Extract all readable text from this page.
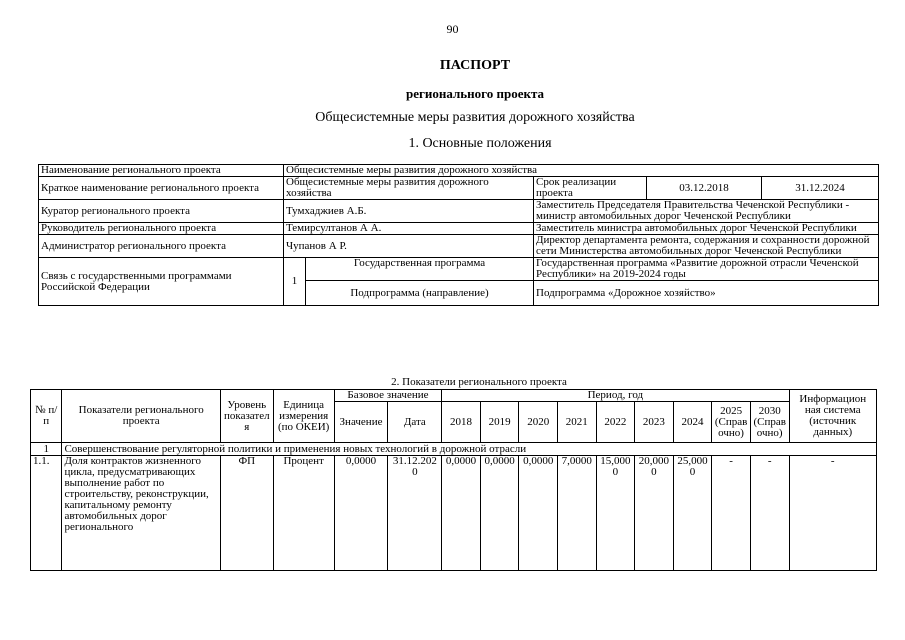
90
ПАСПОРТ
регионального проекта
Общесистемные меры развития дорожного хозяйства
1. Основные положения
Наименование регионального проекта	Общесистемные меры развития дорожного хозяйства				
Краткое наименование регионального проекта	Общесистемные меры развития дорожного хозяйства		Срок реализации проекта	03.12.2018	31.12.2024
Куратор регионального проекта	Тумхаджиев А.Б.		Заместитель Председателя Правительства Чеченской Республики - министр автомобильных дорог Чеченской Республики		
Руководитель регионального проекта	Темирсултанов А А.		Заместитель министра автомобильных дорог Чеченской Республики		
Администратор регионального проекта	Чупанов А Р.		Директор департамента ремонта, содержания и сохранности дорожной сети Министерства автомобильных дорог Чеченской Республики		
Связь с государственными программами Российской Федерации	1	Государственная программа	Государственная программа «Развитие дорожной отрасли Чеченской Республики» на 2019-2024 годы		
		Подпрограмма (направление)	Подпрограмма «Дорожное хозяйство»		
2. Показатели регионального проекта
№ п/п	Показатели регионального проекта	Уровень показател я	Единица измерения (по ОКЕИ)	Базовое значение		Период, год									Информацион ная система (источник данных)
				Значение	Дата	2018	2019	2020	2021	2022	2023	2024	2025 (Справ очно)	2030 (Справ очно)	
1	Совершенствование регуляторной политики и применения новых технологий в дорожной отрасли														
1.1.	Доля контрактов жизненного цикла, предусматривающих выполнение работ по строительству, реконструкции, капитальному ремонту автомобильных дорог регионального	ФП	Процент	0,0000	31.12.2020	0,0000	0,0000	0,0000	7,0000	15,0000	20,0000	25,0000	-	-	-
